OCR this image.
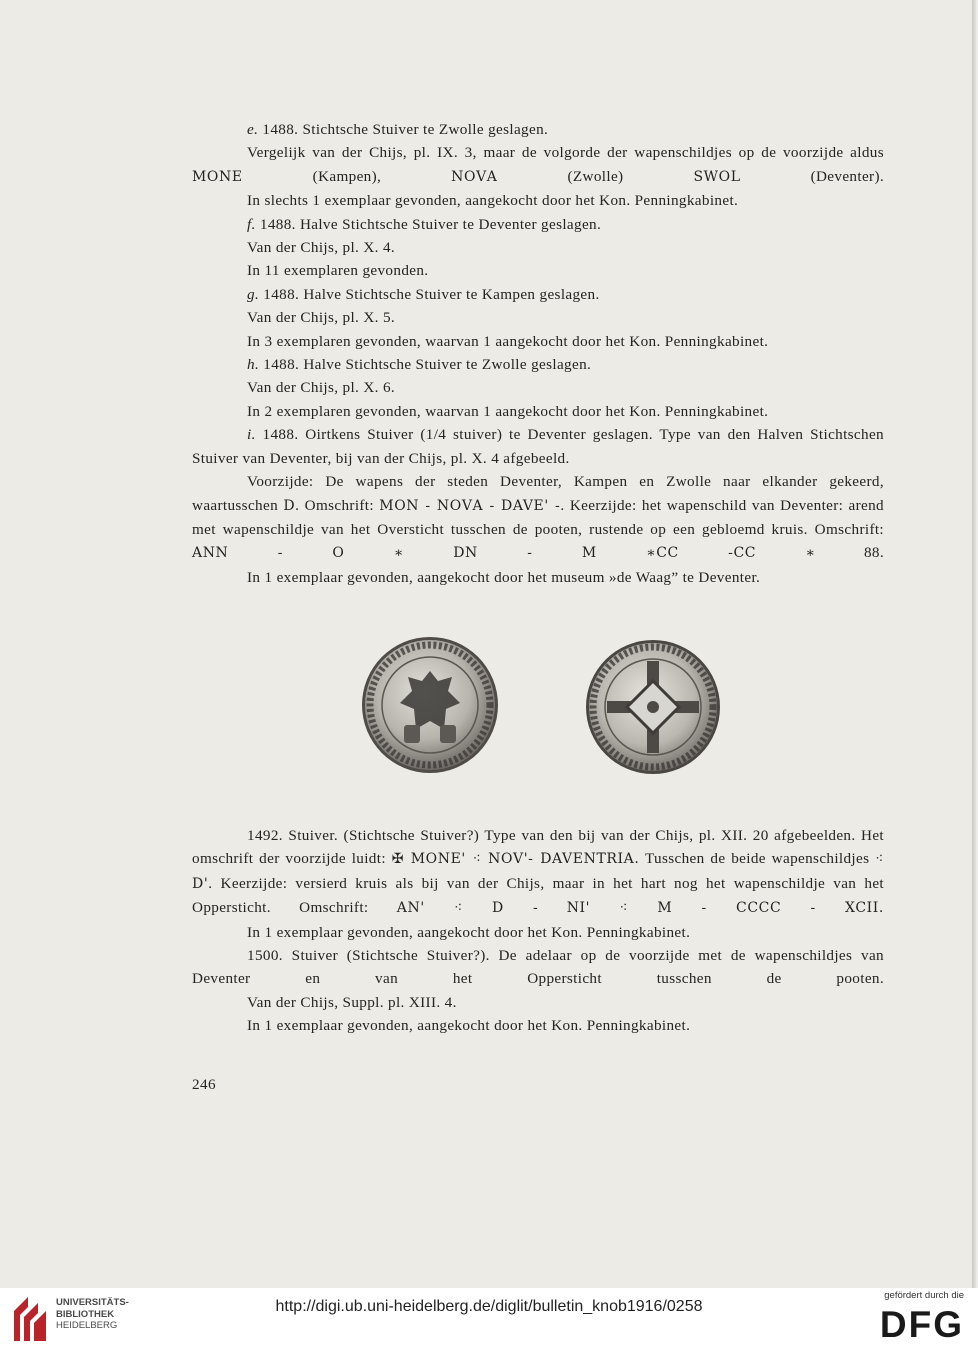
e. 1488. Stichtsche Stuiver te Zwolle geslagen.

Vergelijk van der Chijs, pl. IX. 3, maar de volgorde der wapenschildjes op de voorzijde aldus ΜΟΝΕ	(Kampen),	ΝΟVΑ	(Zwolle)	SWOL	(Deventer).

In slechts 1 exemplaar gevonden, aangekocht door het Kon. Penningkabinet.

f. 1488. Halve Stichtsche Stuiver te Deventer geslagen.

Van der Chijs, pl. X. 4.

In 11 exemplaren gevonden.

g. 1488. Halve Stichtsche Stuiver te Kampen geslagen.

Van der Chijs, pl. X. 5.

In 3 exemplaren gevonden, waarvan 1 aangekocht door het Kon. Penningkabinet.

h. 1488. Halve Stichtsche Stuiver te Zwolle geslagen.

Van der Chijs, pl. X. 6.

In 2 exemplaren gevonden, waarvan 1 aangekocht door het Kon. Penningkabinet.

i. 1488. Oirtkens Stuiver (1/4 stuiver) te Deventer geslagen. Type van den Halven Stichtschen Stuiver van Deventer, bij van der Chijs, pl. X. 4 afgebeeld.

Voorzijde: De wapens der steden Deventer, Kampen en Zwolle naar elkander gekeerd, waartusschen D. Omschrift: ΜΟΝ - ΝΟVΑ - DAVE' -. Keerzijde: het wapenschild van Deventer: arend met wapenschildje van het Oversticht tusschen de pooten, rustende op een gebloemd kruis. Omschrift: ΑΝΝ - Ο ∗ DΝ - Μ ∗CC -CC ∗	88.

In 1 exemplaar gevonden, aangekocht door het museum »de Waag” te Deventer.

1492. Stuiver. (Stichtsche Stuiver?) Type van den bij van der Chijs, pl. XII. 20 afgebeelden. Het omschrift der voorzijde luidt: ✠ ΜΟΝΕ' ⁖ ΝΟV'- DAVENTRIA. Tusschen de beide wapenschildjes ⁖ D'. Keerzijde: versierd kruis als bij van der Chijs, maar in het hart nog het wapenschildje van het Oppersticht. Omschrift: AN' ⁖ D - NI' ⁖ M - CCCC - XCII.

In 1 exemplaar gevonden, aangekocht door het Kon. Penningkabinet.

1500. Stuiver (Stichtsche Stuiver?). De adelaar op de voorzijde met de wapenschildjes van Deventer en van het Oppersticht tusschen de pooten.

Van der Chijs, Suppl. pl. XIII. 4.

In 1 exemplaar gevonden, aangekocht door het Kon. Penningkabinet.

246
UNIVERSITÄTS-
BIBLIOTHEK
HEIDELBERG
http://digi.ub.uni-heidelberg.de/diglit/bulletin_knob1916/0258
gefördert durch die
DFG
